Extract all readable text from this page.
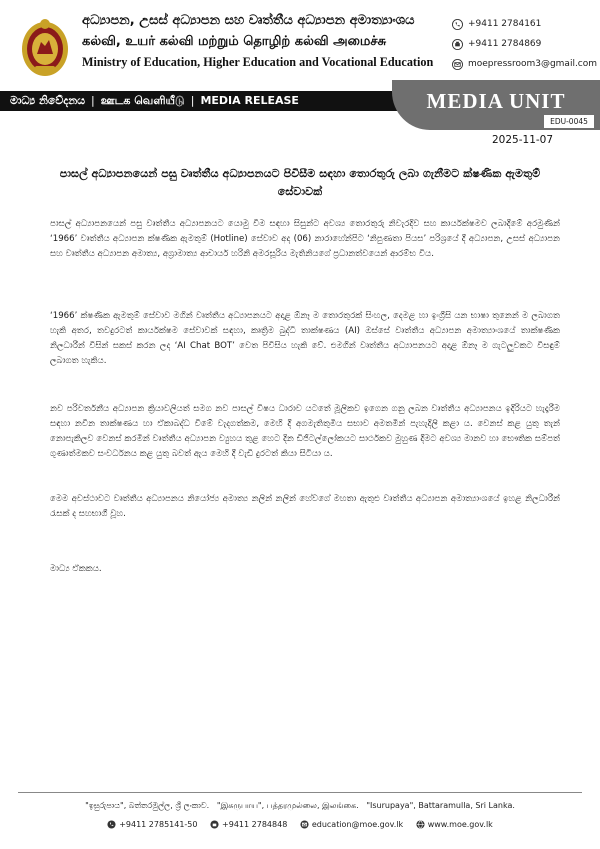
අධ්‍යාපන, උසස් අධ්‍යාපන සහ වෘත්තීය අධ්‍යාපන අමාත්‍යාංශය
கல்வி, உயர் கல்வி மற்றும் தொழிற் கல்வி அமைச்சு
Ministry of Education, Higher Education and Vocational Education
+9411 2784161
+9411 2784869
moepressroom3@gmail.com
මාධ්‍ය නිවේදනය | ஊடக வெளியீடு | MEDIA RELEASE	MEDIA UNIT
EDU-0045
2025-11-07
පාසල් අධ්‍යාපනයෙන් පසු වෘත්තීය අධ්‍යාපනයට පිවිසීම සඳහා තොරතුරු ලබා ගැනීමට ක්ෂණික ඇමතුම් සේවාවක්

පාසල් අධ්‍යාපනයෙන් පසු වෘත්තීය අධ්‍යාපනයට යොමු වීම සඳහා සිසුන්ට අවශ්‍ය තොරතුරු නිවැරදිව සහ කාර්යක්ෂමව ලබාදීමේ අරමුණින් ‘1966’ වෘත්තීය අධ්‍යාපන ක්ෂණික ඇමතුම් (Hotline) සේවාව අද (06) නාරාහේන්පිට ‘නිපුණතා පියස’ පරිශ්‍රයේ දී අධ්‍යාපන, උසස් අධ්‍යාපන සහ වෘත්තීය අධ්‍යාපන අමාත්‍ය, අග්‍රාමාත්‍ය ආචාර්ය හරිනි අමරසූරිය මැතිනියගේ ප්‍රධානත්වයෙන් ආරම්භ විය.

‘1966’ ක්ෂණික ඇමතුම් සේවාව මගින් වෘත්තීය අධ්‍යාපනයට අදාළ ඕනෑ ම තොරතුරක් සිංහල, දෙමළ හා ඉංග්‍රීසි යන භාෂා තුනෙන් ම ලබාගත හැකි අතර, තවදුරටත් කාර්යක්ෂම සේවාවක් සඳහා, කෘත්‍රිම බුද්ධි තාක්ෂණය (AI) ඔස්සේ වෘත්තීය අධ්‍යාපන අමාත්‍යාංශයේ තාක්ෂණික නිලධාරීන් විසින් සකස් කරන ලද ‘AI Chat BOT’ වෙත පිවිසිය හැකි වේ. එමගින් වෘත්තීය අධ්‍යාපනයට අදාළ ඕනෑ ම ගැටලුවකට විසඳුම් ලබාගත හැකිය.

නව පරිවර්තනීය අධ්‍යාපන ක්‍රියාවලියත් සමග නව පාසල් විෂය ධාරාව යටතේ මූලිකව ඉගෙන ගනු ලබන වෘත්තීය අධ්‍යාපනය ඉදිරියට හැදෑරීම සඳහා නවීන තාක්ෂණය හා ඒකාබද්ධ වීමේ වැදගත්කම, මෙහි දී අගමැතිතුමිය සභාව අමතමින් පැහැදිලි කළා ය. වෙනස් කළ යුතු තැන් නොපැකිලව වෙනස් කරමින් වෘත්තීය අධ්‍යාපන ව්‍යුහය තුළ හෙට දින ඩිජිටල්ලෝකයට සාර්ථකව මුහුණ දීමට අවශ්‍ය මානව හා භෞතික සම්පත් ගුණාත්මකව සංවර්ධනය කළ යුතු බවත් ඇය මෙහි දී වැඩි දුරටත් කියා සිටියා ය.

මෙම අවස්ථාවට වෘත්තීය අධ්‍යාපනය නියෝජ්‍ය අමාත්‍ය නලින් නලින් හේවගේ මහතා ඇතුළු වෘත්තීය අධ්‍යාපන අමාත්‍යාංශයේ ඉහළ නිලධාරීන් රැසක් ද සහභාගී වූහ.

මාධ්‍ය ඒකකය.
"ඉසුරුපාය", බත්තරමුල්ල, ශ්‍රී ලංකාව. "இசுருபாய", பத்தரமுல்லை, இலங்கை. "Isurupaya", Battaramulla, Sri Lanka.
+9411 2785141-50
	+9411 2784848
	education@moe.gov.lk
	www.moe.gov.lk
